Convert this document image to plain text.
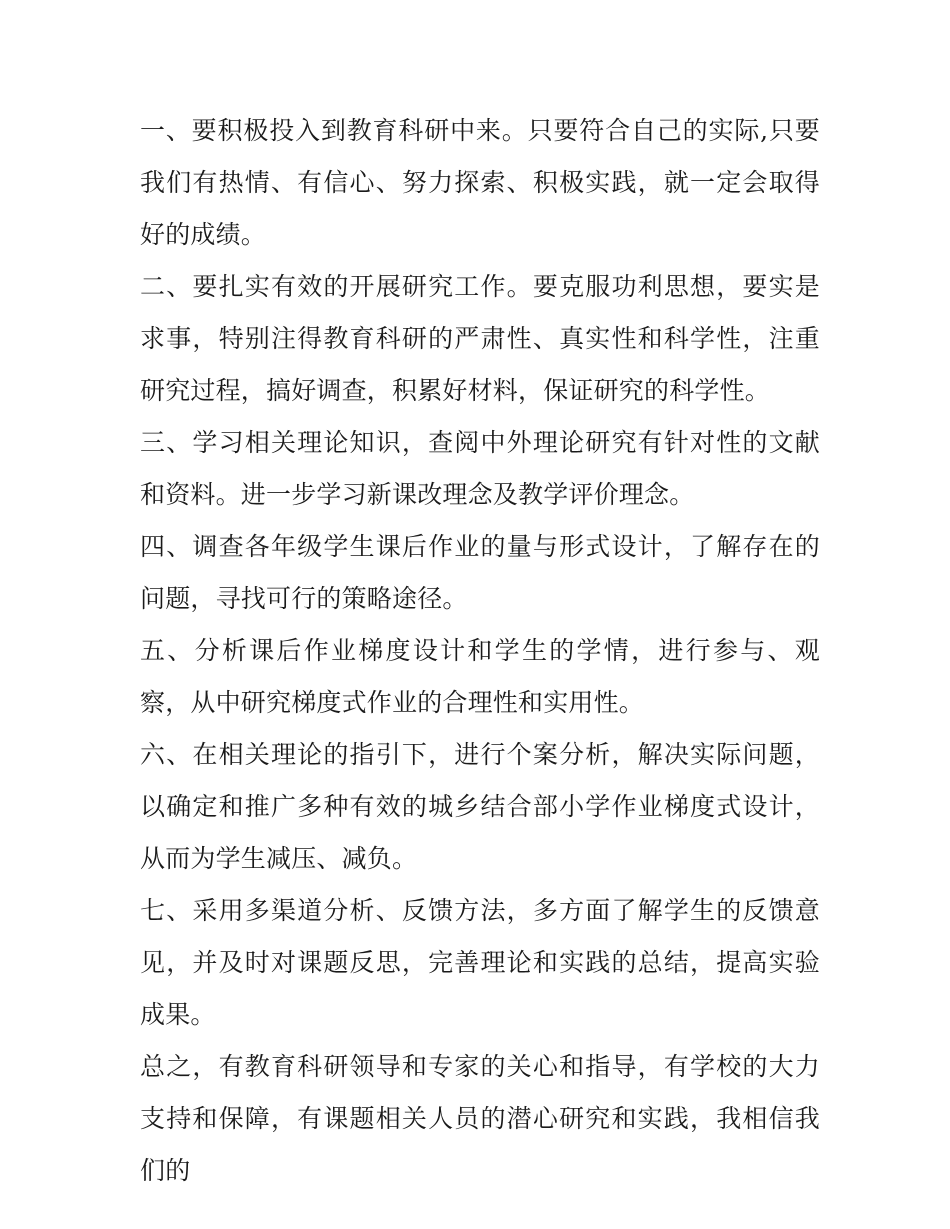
一、要积极投入到教育科研中来。只要符合自己的实际,只要我们有热情、有信心、努力探索、积极实践，就一定会取得好的成绩。

二、要扎实有效的开展研究工作。要克服功利思想，要实是求事，特别注得教育科研的严肃性、真实性和科学性，注重研究过程，搞好调查，积累好材料，保证研究的科学性。

三、学习相关理论知识，查阅中外理论研究有针对性的文献和资料。进一步学习新课改理念及教学评价理念。

四、调查各年级学生课后作业的量与形式设计，了解存在的问题，寻找可行的策略途径。

五、分析课后作业梯度设计和学生的学情，进行参与、观察，从中研究梯度式作业的合理性和实用性。

六、在相关理论的指引下，进行个案分析，解决实际问题，以确定和推广多种有效的城乡结合部小学作业梯度式设计，从而为学生减压、减负。

七、采用多渠道分析、反馈方法，多方面了解学生的反馈意见，并及时对课题反思，完善理论和实践的总结，提高实验成果。

总之，有教育科研领导和专家的关心和指导，有学校的大力支持和保障，有课题相关人员的潜心研究和实践，我相信我们的
